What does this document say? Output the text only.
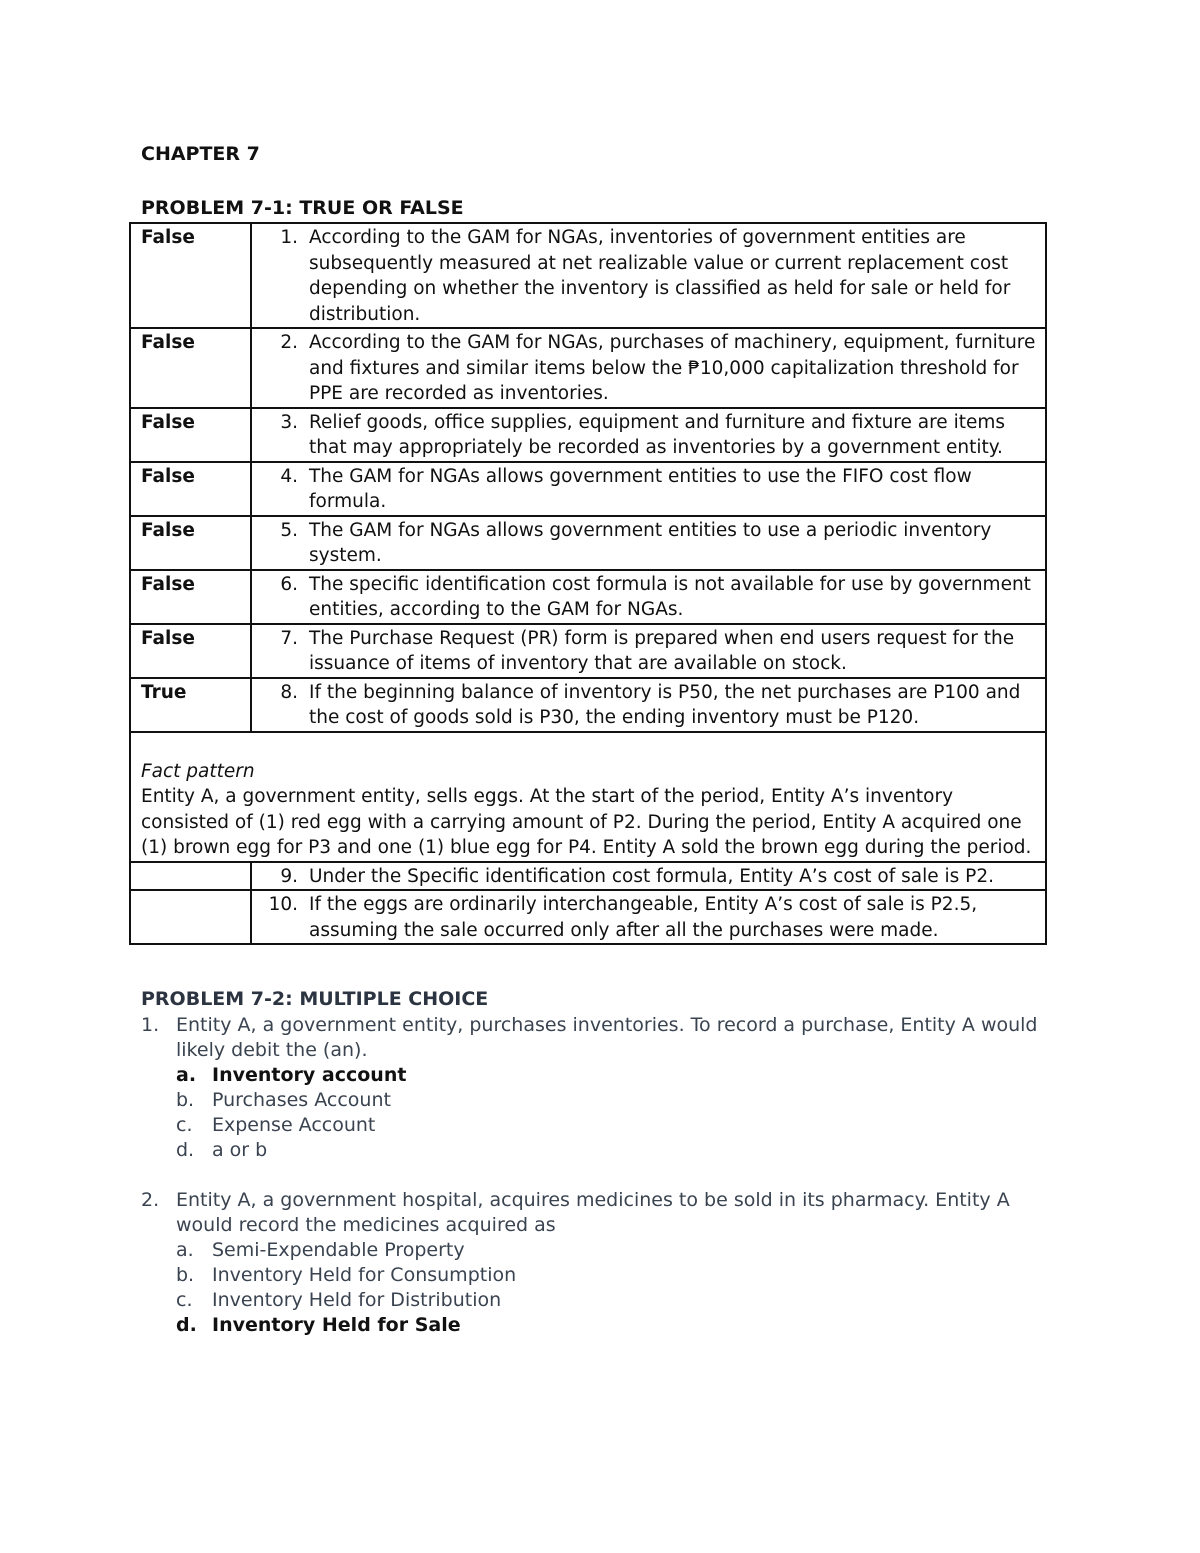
CHAPTER 7
PROBLEM 7-1: TRUE OR FALSE
False	1. According to the GAM for NGAs, inventories of government entities are subsequently measured at net realizable value or current replacement cost depending on whether the inventory is classified as held for sale or held for distribution.

False	2. According to the GAM for NGAs, purchases of machinery, equipment, furniture and fixtures and similar items below the ₱10,000 capitalization threshold for PPE are recorded as inventories.

False	3. Relief goods, office supplies, equipment and furniture and fixture are items that may appropriately be recorded as inventories by a government entity.

False	4. The GAM for NGAs allows government entities to use the FIFO cost flow formula.

False	5. The GAM for NGAs allows government entities to use a periodic inventory system.

False	6. The specific identification cost formula is not available for use by government entities, according to the GAM for NGAs.

False	7. The Purchase Request (PR) form is prepared when end users request for the issuance of items of inventory that are available on stock.

True	8. If the beginning balance of inventory is P50, the net purchases are P100 and the cost of goods sold is P30, the ending inventory must be P120.

Fact pattern
Entity A, a government entity, sells eggs. At the start of the period, Entity A’s inventory consisted of (1) red egg with a carrying amount of P2. During the period, Entity A acquired one (1) brown egg for P3 and one (1) blue egg for P4. Entity A sold the brown egg during the period.	

	9. Under the Specific identification cost formula, Entity A’s cost of sale is P2.

	10. If the eggs are ordinarily interchangeable, Entity A’s cost of sale is P2.5, assuming the sale occurred only after all the purchases were made.
PROBLEM 7-2: MULTIPLE CHOICE
1. Entity A, a government entity, purchases inventories. To record a purchase, Entity A would likely debit the (an).
a. Inventory account
b. Purchases Account
c.	Expense Account
d. a or b
2. Entity A, a government hospital, acquires medicines to be sold in its pharmacy. Entity A would record the medicines acquired as
a. Semi-Expendable Property
b. Inventory Held for Consumption
c.	Inventory Held for Distribution
d. Inventory Held for Sale
